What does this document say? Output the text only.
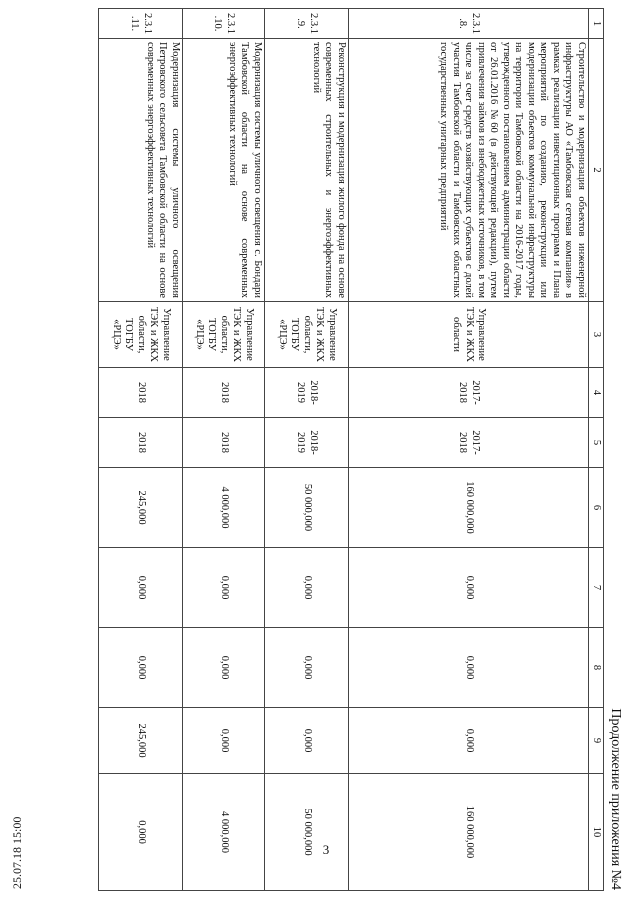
Продолжение приложения №4
1	2	3	4	5	6	7	8	9	10
2.3.1.8.	Строительство и модернизация объектов инженерной инфраструктуры АО «Тамбовская сетевая компания» в рамках реализации инвестиционных программ и Плана мероприятий по созданию, реконструкции или модернизации объектов коммунальной инфраструктуры на территории Тамбовской области на 2016-2017 годы, утвержденного постановлением администрации области от 26.01.2016 №60 (в действующей редакции), путем привлечения займов из внебюджетных источников, в том числе за счет средств хозяйствующих субъектов с долей участия Тамбовской области и Тамбовских областных государственных унитарных предприятий	Управление ТЭК и ЖКХ области	2017-2018	2017-2018	160 000,000	0,000	0,000	0,000	160 000,000
2.3.1.9.	Реконструкция и модернизация жилого фонда на основе современных строительных и энергоэффективных технологий	Управление ТЭК и ЖКХ области, ТОГБУ «РЦЭ»	2018-2019	2018-2019	50 000,000	0,000	0,000	0,000	50 000,000
2.3.1.10.	Модернизация системы уличного освещения с. Бондари Тамбовской области на основе современных энергоэффективных технологий	Управление ТЭК и ЖКХ области, ТОГБУ «РЦЭ»	2018	2018	4 000,000	0,000	0,000	0,000	4 000,000
2.3.1.11.	Модернизация системы уличного освещения Петровского сельсовета Тамбовской области на основе современных энергоэффективных технологий	Управление ТЭК и ЖКХ области, ТОГБУ «РЦЭ»	2018	2018	245,000	0,000	0,000	245,000	0,000
3
25.07.18 15:00
